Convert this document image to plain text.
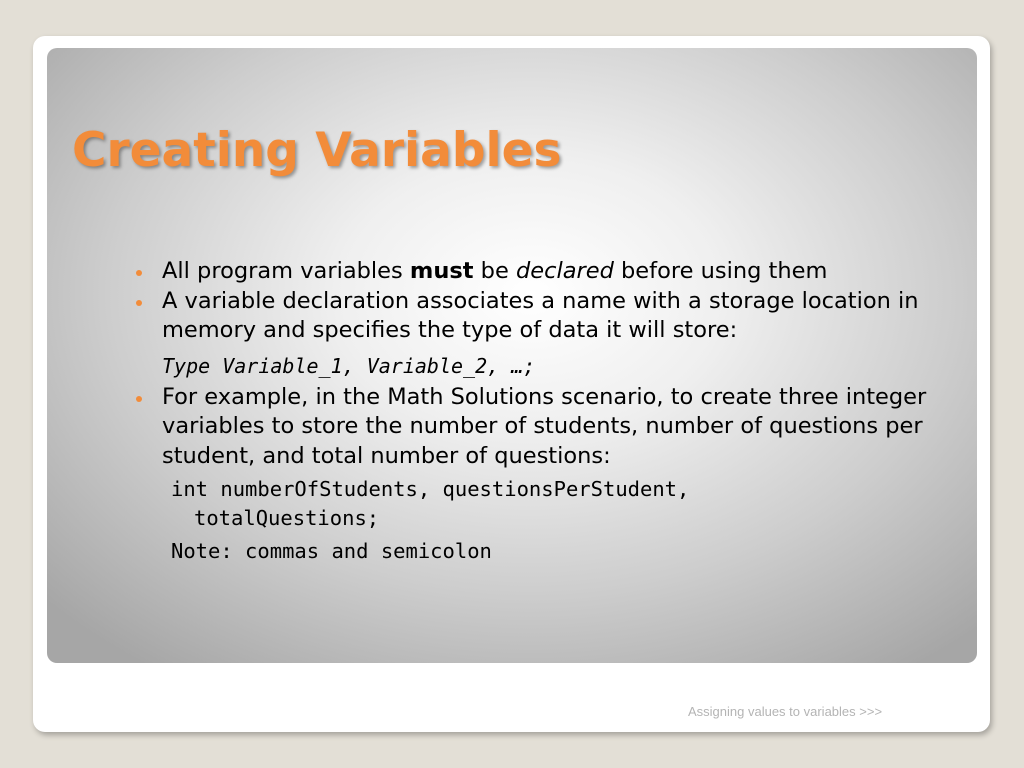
Creating Variables
All program variables must be declared before using them
A variable declaration associates a name with a storage location in memory and specifies the type of data it will store:
Type Variable_1, Variable_2, …;
For example, in the Math Solutions scenario, to create three integer variables to store the number of students, number of questions per student, and total number of questions:
int numberOfStudents, questionsPerStudent,
totalQuestions;
Note: commas and semicolon
Assigning values to variables >>>
